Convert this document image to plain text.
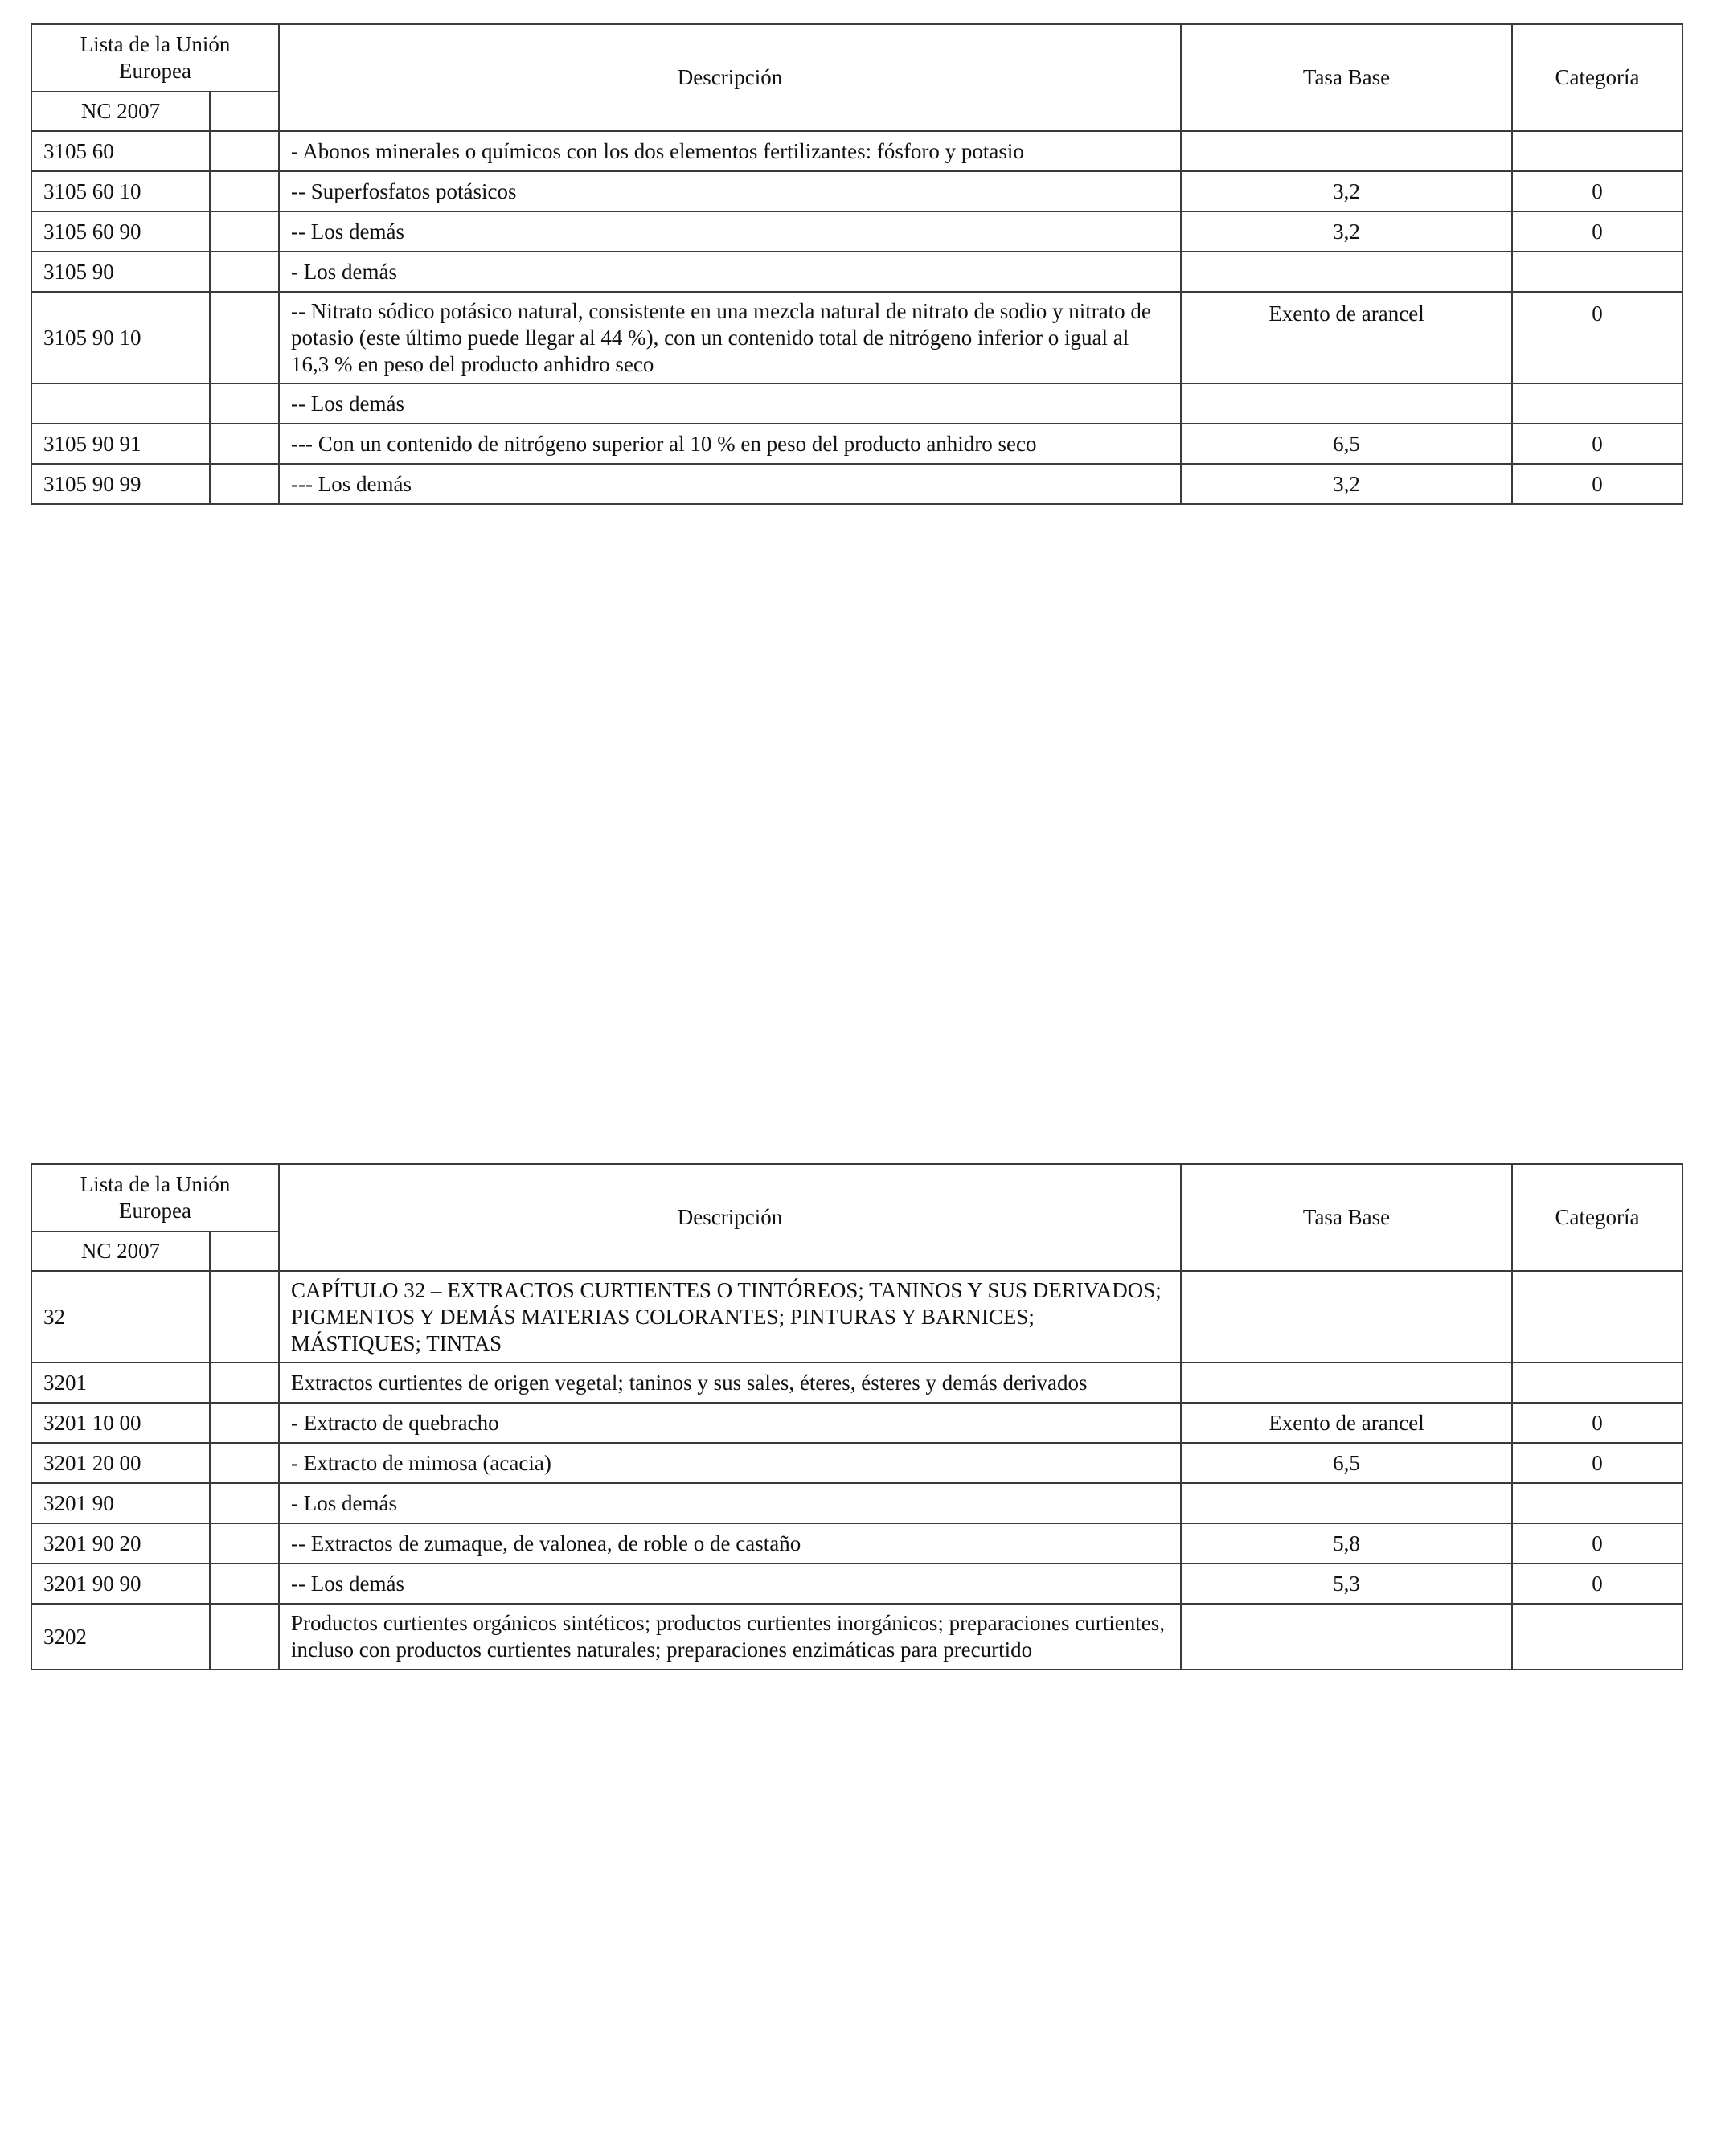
Lista de la Unión Europea		Descripción	Tasa Base	Categoría
NC 2007				
3105 60		- Abonos minerales o químicos con los dos elementos fertilizantes: fósforo y potasio		
3105 60 10		-- Superfosfatos potásicos	3,2	0
3105 60 90		-- Los demás	3,2	0
3105 90		- Los demás		
3105 90 10		-- Nitrato sódico potásico natural, consistente en una mezcla natural de nitrato de sodio y nitrato de potasio (este último puede llegar al 44 %), con un contenido total de nitrógeno inferior o igual al 16,3 % en peso del producto anhidro seco	Exento de arancel	0
		-- Los demás		
3105 90 91		--- Con un contenido de nitrógeno superior al 10 % en peso del producto anhidro seco	6,5	0
3105 90 99		--- Los demás	3,2	0
Lista de la Unión Europea		Descripción	Tasa Base	Categoría
NC 2007				
32		CAPÍTULO 32 – EXTRACTOS CURTIENTES O TINTÓREOS; TANINOS Y SUS DERIVADOS; PIGMENTOS Y DEMÁS MATERIAS COLORANTES; PINTURAS Y BARNICES; MÁSTIQUES; TINTAS		
3201		Extractos curtientes de origen vegetal; taninos y sus sales, éteres, ésteres y demás derivados		
3201 10 00		- Extracto de quebracho	Exento de arancel	0
3201 20 00		- Extracto de mimosa (acacia)	6,5	0
3201 90		- Los demás		
3201 90 20		-- Extractos de zumaque, de valonea, de roble o de castaño	5,8	0
3201 90 90		-- Los demás	5,3	0
3202		Productos curtientes orgánicos sintéticos; productos curtientes inorgánicos; preparaciones curtientes, incluso con productos curtientes naturales; preparaciones enzimáticas para precurtido		
